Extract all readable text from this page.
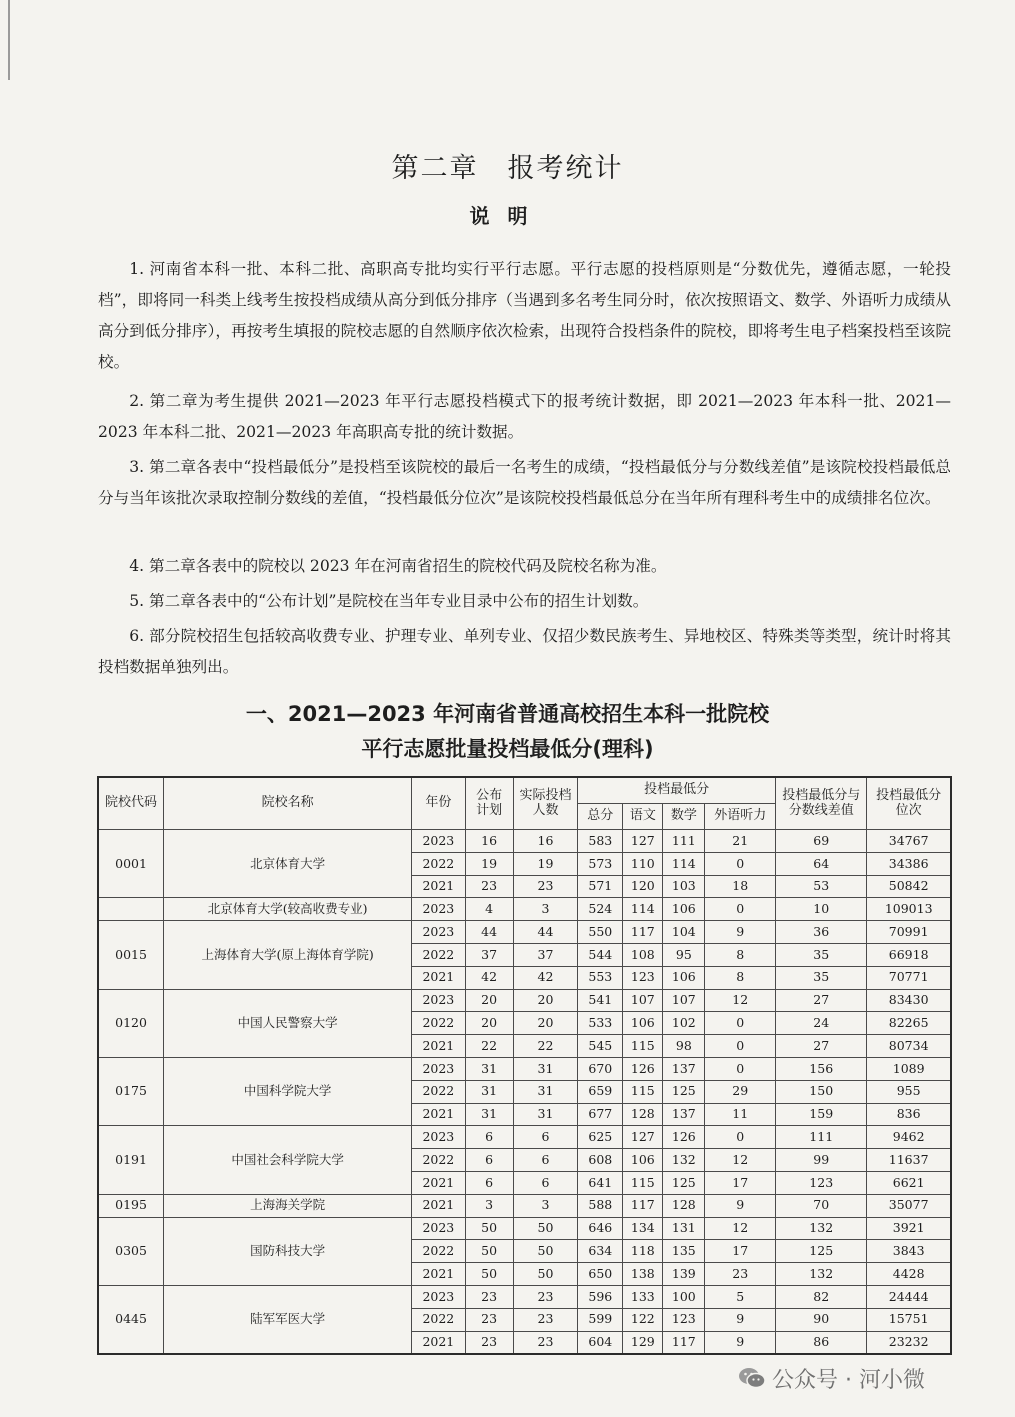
第二章　报考统计
说明

1. 河南省本科一批、本科二批、高职高专批均实行平行志愿。平行志愿的投档原则是“分数优先，遵循志愿，一轮投档”，即将同一科类上线考生按投档成绩从高分到低分排序（当遇到多名考生同分时，依次按照语文、数学、外语听力成绩从高分到低分排序），再按考生填报的院校志愿的自然顺序依次检索，出现符合投档条件的院校，即将考生电子档案投档至该院校。

2. 第二章为考生提供 2021—2023 年平行志愿投档模式下的报考统计数据，即 2021—2023 年本科一批、2021—2023 年本科二批、2021—2023 年高职高专批的统计数据。

3. 第二章各表中“投档最低分”是投档至该院校的最后一名考生的成绩，“投档最低分与分数线差值”是该院校投档最低总分与当年该批次录取控制分数线的差值，“投档最低分位次”是该院校投档最低总分在当年所有理科考生中的成绩排名位次。

4. 第二章各表中的院校以 2023 年在河南省招生的院校代码及院校名称为准。

5. 第二章各表中的“公布计划”是院校在当年专业目录中公布的招生计划数。

6. 部分院校招生包括较高收费专业、护理专业、单列专业、仅招少数民族考生、异地校区、特殊类等类型，统计时将其投档数据单独列出。

一、2021—2023 年河南省普通高校招生本科一批院校
平行志愿批量投档最低分(理科)
院校代码	院校名称	年份	公布计划	实际投档人数	投档最低分				投档最低分与分数线差值	投档最低分位次
					总分	语文	数学	外语听力		
0001	北京体育大学	2023	16	16	583	127	111	21	69	34767
		2022	19	19	573	110	114	0	64	34386
		2021	23	23	571	120	103	18	53	50842
	北京体育大学(较高收费专业)	2023	4	3	524	114	106	0	10	109013
0015	上海体育大学(原上海体育学院)	2023	44	44	550	117	104	9	36	70991
		2022	37	37	544	108	95	8	35	66918
		2021	42	42	553	123	106	8	35	70771
0120	中国人民警察大学	2023	20	20	541	107	107	12	27	83430
		2022	20	20	533	106	102	0	24	82265
		2021	22	22	545	115	98	0	27	80734
0175	中国科学院大学	2023	31	31	670	126	137	0	156	1089
		2022	31	31	659	115	125	29	150	955
		2021	31	31	677	128	137	11	159	836
0191	中国社会科学院大学	2023	6	6	625	127	126	0	111	9462
		2022	6	6	608	106	132	12	99	11637
		2021	6	6	641	115	125	17	123	6621
0195	上海海关学院	2021	3	3	588	117	128	9	70	35077
0305	国防科技大学	2023	50	50	646	134	131	12	132	3921
		2022	50	50	634	118	135	17	125	3843
		2021	50	50	650	138	139	23	132	4428
0445	陆军军医大学	2023	23	23	596	133	100	5	82	24444
		2022	23	23	599	122	123	9	90	15751
		2021	23	23	604	129	117	9	86	23232
公众号 · 河小微
